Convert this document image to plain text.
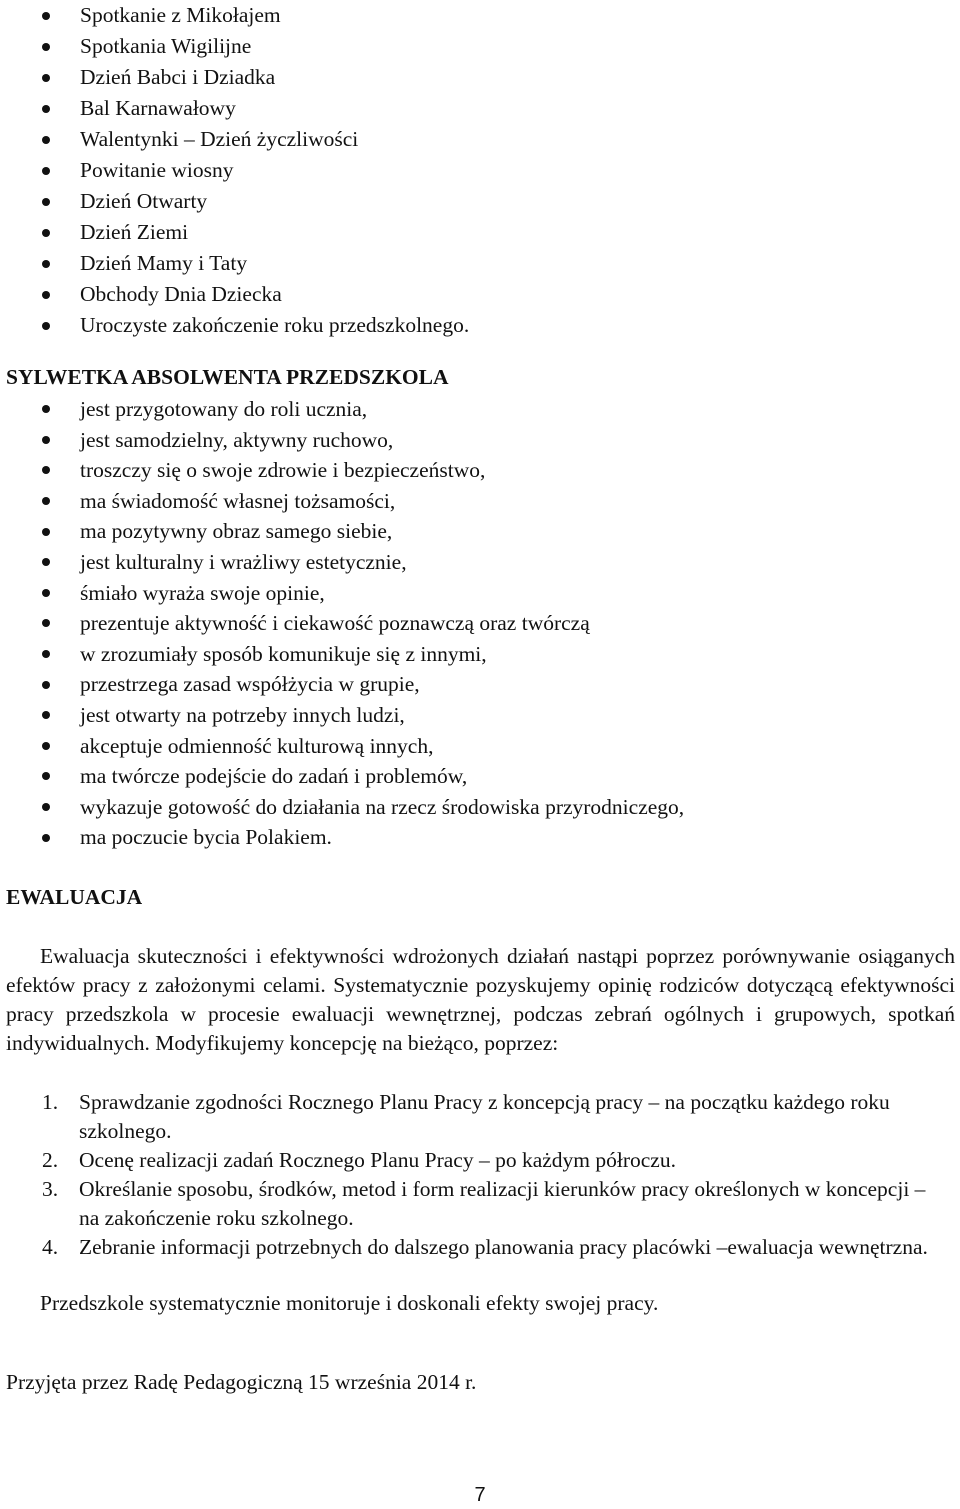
Spotkanie z Mikołajem
Spotkania Wigilijne
Dzień Babci i Dziadka
Bal Karnawałowy
Walentynki – Dzień życzliwości
Powitanie wiosny
Dzień Otwarty
Dzień Ziemi
Dzień Mamy i Taty
Obchody Dnia Dziecka
Uroczyste zakończenie roku przedszkolnego.
SYLWETKA ABSOLWENTA PRZEDSZKOLA
jest przygotowany do roli ucznia,
jest samodzielny, aktywny ruchowo,
troszczy się o swoje zdrowie i bezpieczeństwo,
ma świadomość własnej tożsamości,
ma pozytywny obraz samego siebie,
jest kulturalny i wrażliwy estetycznie,
śmiało wyraża swoje opinie,
prezentuje aktywność i ciekawość poznawczą oraz twórczą
w zrozumiały sposób komunikuje się z innymi,
przestrzega zasad współżycia w grupie,
jest otwarty na potrzeby innych ludzi,
akceptuje odmienność kulturową innych,
ma twórcze podejście do zadań i problemów,
wykazuje gotowość do działania na rzecz środowiska przyrodniczego,
ma poczucie bycia Polakiem.
EWALUACJA
Ewaluacja skuteczności i efektywności wdrożonych działań nastąpi poprzez porównywanie osiąganych efektów pracy z założonymi celami. Systematycznie pozyskujemy opinię rodziców dotyczącą efektywności pracy przedszkola w procesie ewaluacji wewnętrznej, podczas zebrań ogólnych i grupowych, spotkań indywidualnych. Modyfikujemy koncepcję na bieżąco, poprzez:
1. Sprawdzanie zgodności Rocznego Planu Pracy z koncepcją pracy – na początku każdego roku szkolnego.
2. Ocenę realizacji zadań Rocznego Planu Pracy – po każdym półroczu.
3. Określanie sposobu, środków, metod i form realizacji kierunków pracy określonych w koncepcji – na zakończenie roku szkolnego.
4. Zebranie informacji potrzebnych do dalszego planowania pracy placówki –ewaluacja wewnętrzna.
Przedszkole systematycznie monitoruje i doskonali efekty swojej pracy.
Przyjęta przez Radę Pedagogiczną 15 września 2014 r.
7
